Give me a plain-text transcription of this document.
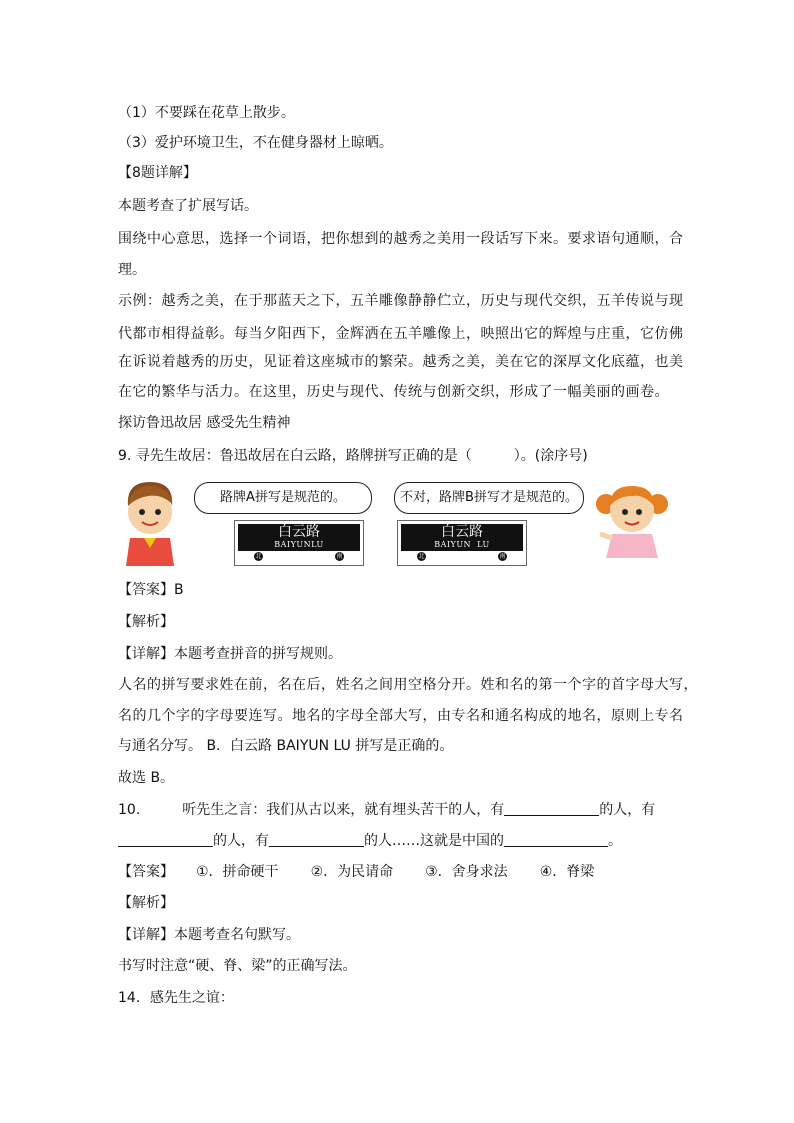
（1）不要踩在花草上散步。
（3）爱护环境卫生，不在健身器材上晾晒。
【8题详解】
本题考查了扩展写话。
围绕中心意思，选择一个词语，把你想到的越秀之美用一段话写下来。要求语句通顺，合
理。
示例：越秀之美，在于那蓝天之下，五羊雕像静静伫立，历史与现代交织，五羊传说与现
代都市相得益彰。每当夕阳西下，金辉洒在五羊雕像上，映照出它的辉煌与庄重，它仿佛
在诉说着越秀的历史，见证着这座城市的繁荣。越秀之美，美在它的深厚文化底蕴，也美
在它的繁华与活力。在这里，历史与现代、传统与创新交织，形成了一幅美丽的画卷。
探访鲁迅故居 感受先生精神
9. 寻先生故居：鲁迅故居在白云路，路牌拼写正确的是（　　　）。(涂序号)
路牌A拼写是规范的。
白云路
BAIYUNLU
北	南
不对，路牌B拼写才是规范的。
白云路
BAIYUN  LU
北	南
【答案】B
【解析】
【详解】本题考查拼音的拼写规则。
人名的拼写要求姓在前，名在后，姓名之间用空格分开。姓和名的第一个字的首字母大写，
名的几个字的字母要连写。地名的字母全部大写，由专名和通名构成的地名，原则上专名
与通名分写。 B．白云路 BAIYUN LU 拼写是正确的。
故选 B。
10.　　　听先生之言：我们从古以来，就有埋头苦干的人，有	的人，有
的人，有	的人……这就是中国的	。
【答案】 ①．拼命硬干 ②．为民请命 ③．舍身求法 ④．脊梁
【解析】
【详解】本题考查名句默写。
书写时注意“硬、脊、梁”的正确写法。
14．感先生之谊：
